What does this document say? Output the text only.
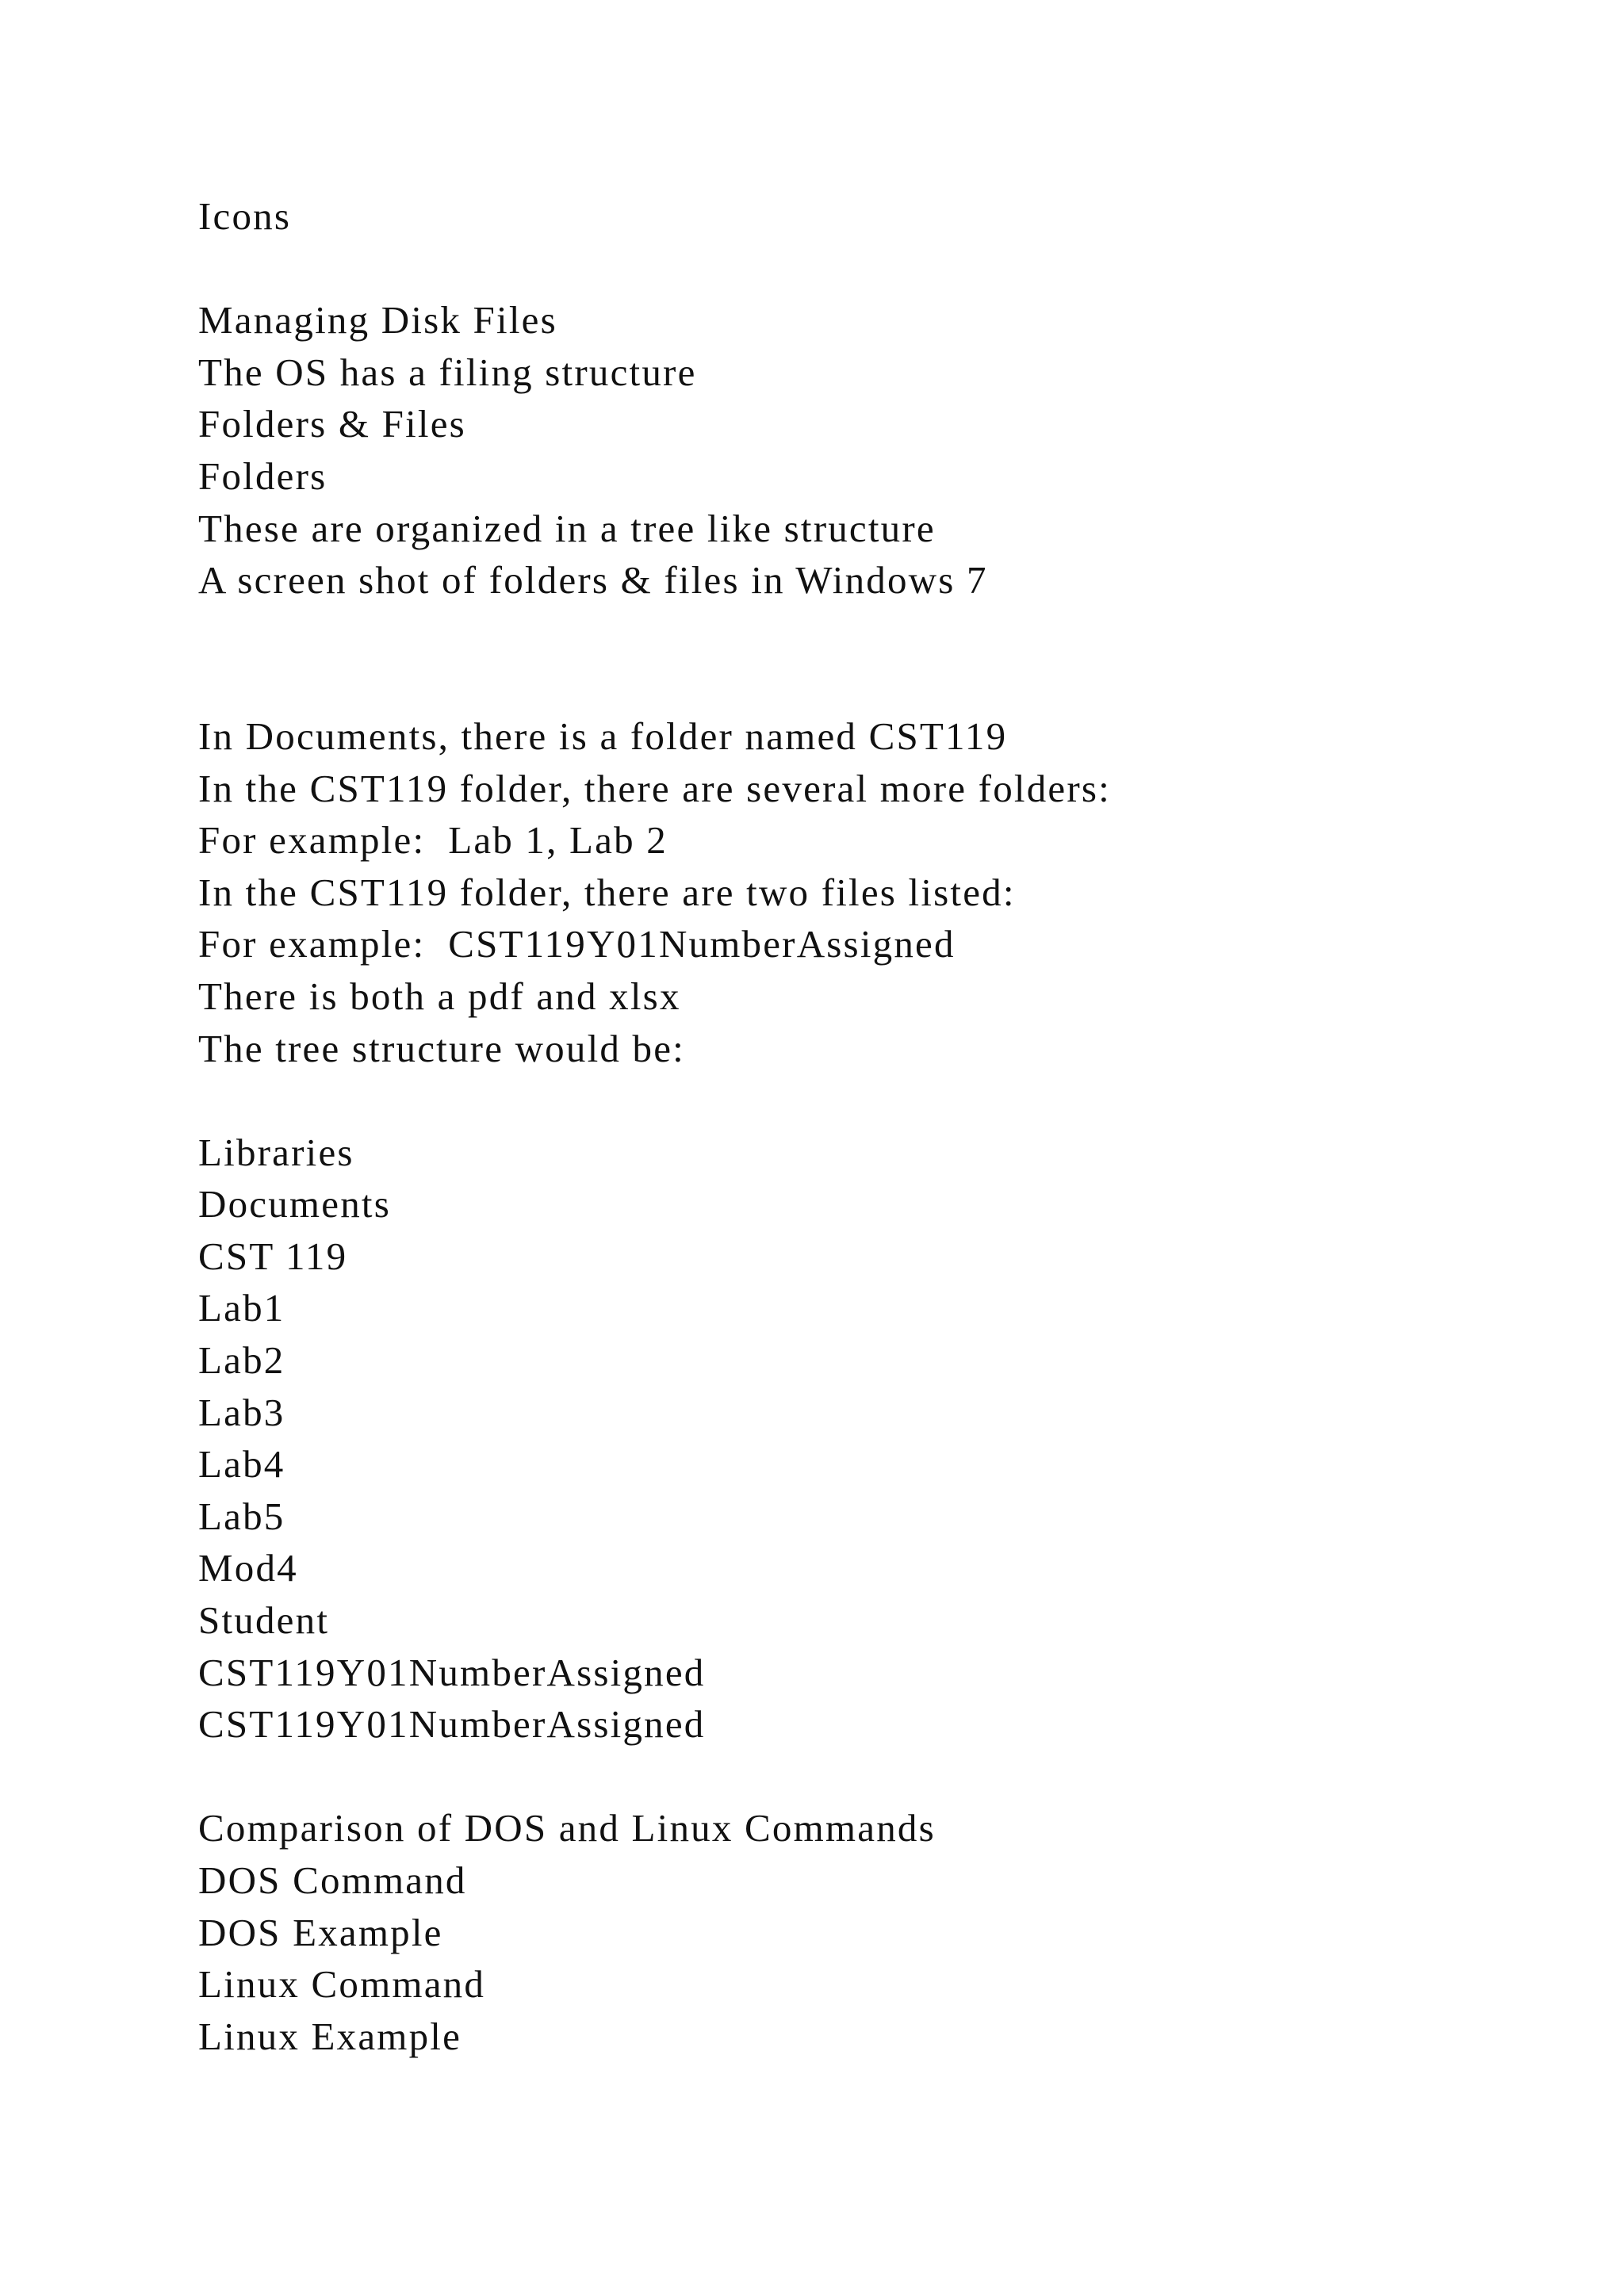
Icons
Managing Disk Files
The OS has a filing structure
Folders & Files
Folders
These are organized in a tree like structure
A screen shot of folders & files in Windows 7
In Documents, there is a folder named CST119
In the CST119 folder, there are several more folders:
For example:  Lab 1, Lab 2
In the CST119 folder, there are two files listed:
For example:  CST119Y01NumberAssigned
There is both a pdf and xlsx
The tree structure would be:
Libraries
Documents
CST 119
Lab1
Lab2
Lab3
Lab4
Lab5
Mod4
Student
CST119Y01NumberAssigned
CST119Y01NumberAssigned
Comparison of DOS and Linux Commands
DOS Command
DOS Example
Linux Command
Linux Example
